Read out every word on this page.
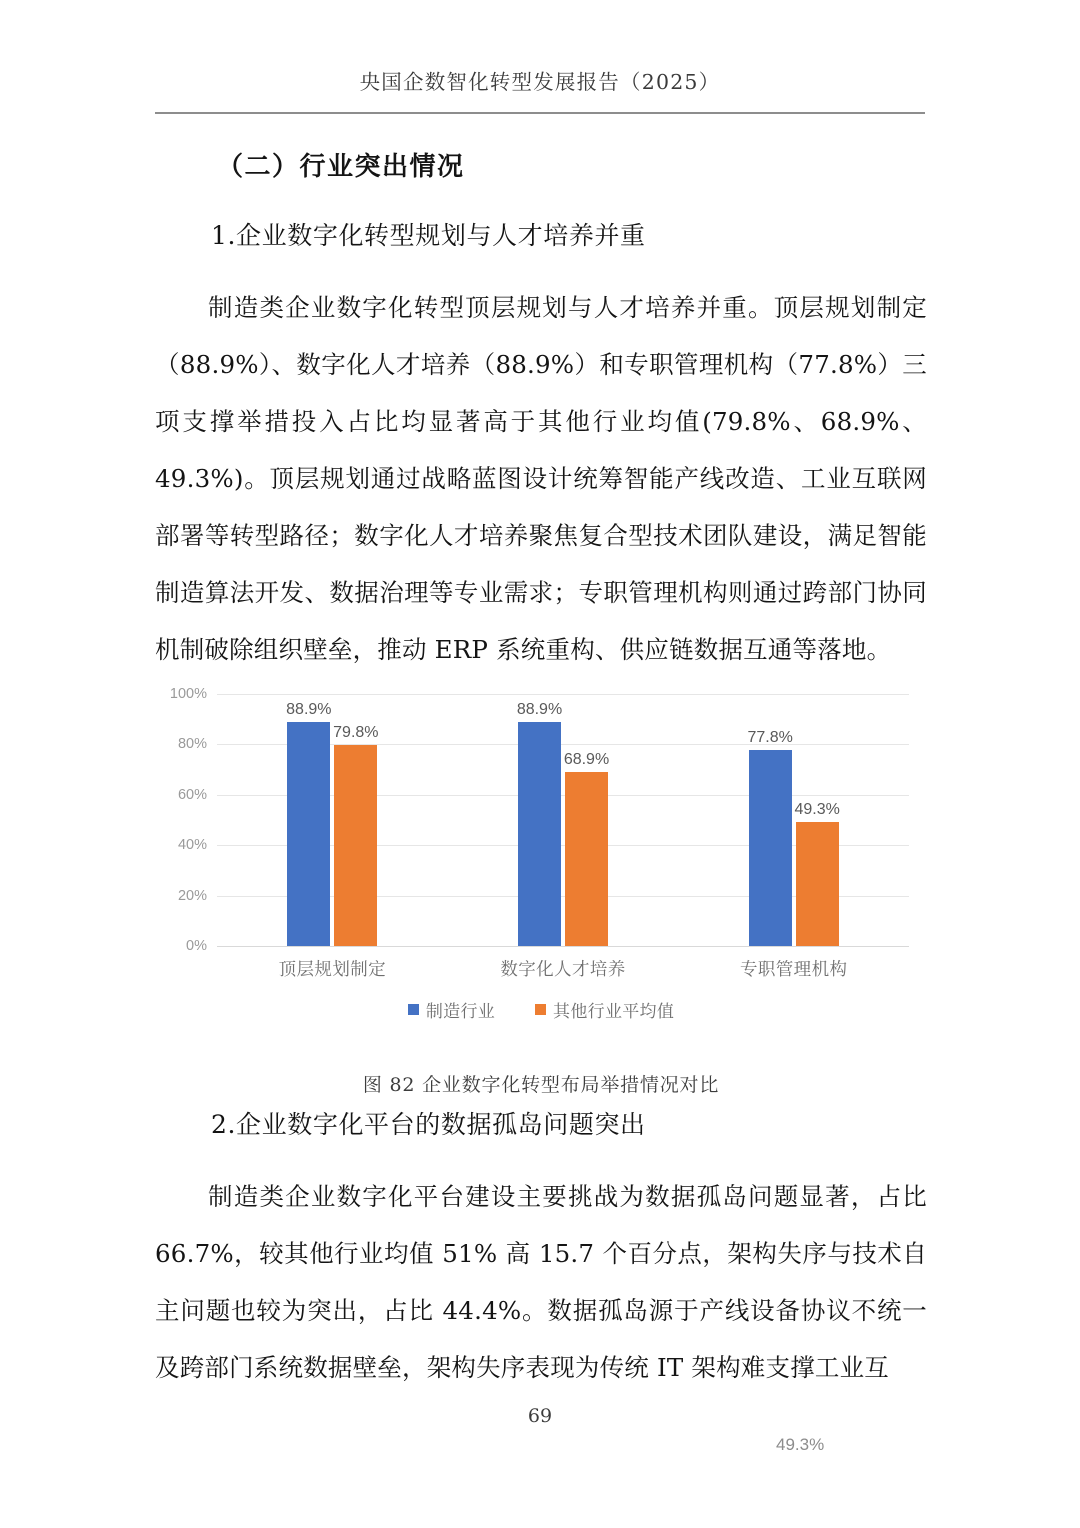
央国企数智化转型发展报告（2025）
（二）行业突出情况
1.企业数字化转型规划与人才培养并重

制造类企业数字化转型顶层规划与人才培养并重。顶层规划制定（88.9%）、数字化人才培养（88.9%）和专职管理机构（77.8%）三项支撑举措投入占比均显著高于其他行业均值(79.8%、68.9%、49.3%)。顶层规划通过战略蓝图设计统筹智能产线改造、工业互联网部署等转型路径；数字化人才培养聚焦复合型技术团队建设，满足智能制造算法开发、数据治理等专业需求；专职管理机构则通过跨部门协同机制破除组织壁垒，推动 ERP 系统重构、供应链数据互通等落地。

100%
80%
60%
40%
20%
0%
88.9%
79.8%
88.9%
68.9%
77.8%
49.3%
顶层规划制定	数字化人才培养	专职管理机构
制造行业	其他行业平均值
图 82 企业数字化转型布局举措情况对比
2.企业数字化平台的数据孤岛问题突出

制造类企业数字化平台建设主要挑战为数据孤岛问题显著，占比66.7%，较其他行业均值 51% 高 15.7 个百分点，架构失序与技术自主问题也较为突出，占比 44.4%。数据孤岛源于产线设备协议不统一及跨部门系统数据壁垒，架构失序表现为传统 IT 架构难支撑工业互

69
49.3%
